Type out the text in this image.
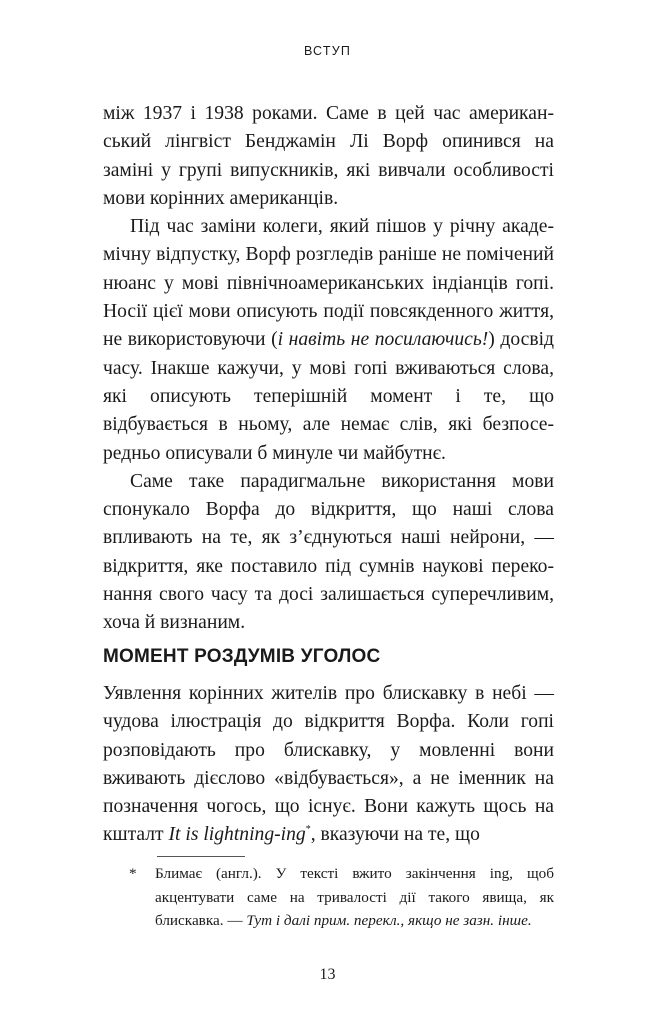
ВСТУП

між 1937 і 1938 роками. Саме в цей час американський лінгвіст Бенджамін Лі Ворф опинився на заміні у групі випускників, які вивчали особливості мови корінних американців.

Під час заміни колеги, який пішов у річну академічну відпустку, Ворф розгледів раніше не помічений нюанс у мові північноамериканських індіанців гопі. Носії цієї мови описують події повсякденного життя, не використовуючи (і навіть не посилаючись!) досвід часу. Інакше кажучи, у мові гопі вживаються слова, які описують теперішній момент і те, що відбувається в ньому, але немає слів, які безпосередньо описували б минуле чи майбутнє.

Саме таке парадигмальне використання мови спонукало Ворфа до відкриття, що наші слова впливають на те, як з’єднуються наші нейрони, — відкриття, яке поставило під сумнів наукові переконання свого часу та досі залишається суперечливим, хоча й визнаним.

МОМЕНТ РОЗДУМІВ УГОЛОС

Уявлення корінних жителів про блискавку в небі — чудова ілюстрація до відкриття Ворфа. Коли гопі розповідають про блискавку, у мовленні вони вживають дієслово «відбувається», а не іменник на позначення чогось, що існує. Вони кажуть щось на кшталт It is lightning-ing*, вказуючи на те, що

*	Блимає (англ.). У тексті вжито закінчення ing, щоб акцентувати саме на тривалості дії такого явища, як блискавка. — Тут і далі прим. перекл., якщо не зазн. інше.

13
